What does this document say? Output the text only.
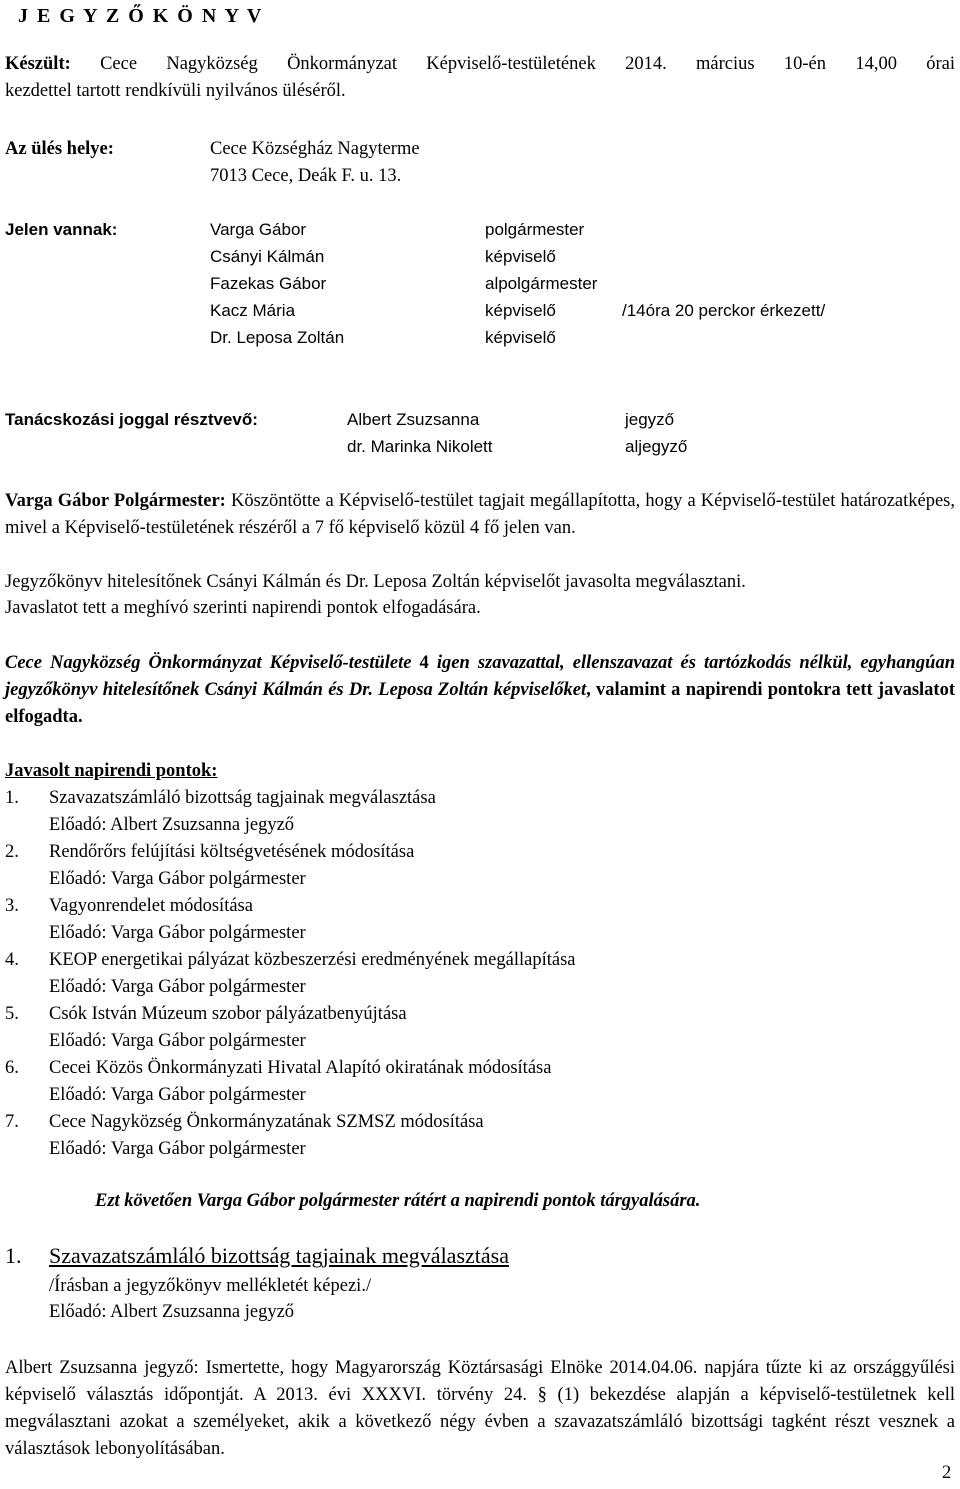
J E G Y Z Ő K Ö N Y V
Készült: Cece Nagyközség Önkormányzat Képviselő-testületének 2014. március 10-én 14,00 órai
kezdettel tartott rendkívüli nyilvános üléséről.
Az ülés helye:	Cece Községház Nagyterme
7013 Cece, Deák F. u. 13.
Jelen vannak:	Varga Gábor	polgármester
Csányi Kálmán	képviselő
Fazekas Gábor	alpolgármester
Kacz Mária	képviselő	/14óra 20 perckor érkezett/
Dr. Leposa Zoltán	képviselő
Tanácskozási joggal résztvevő:	Albert Zsuzsanna	jegyző
dr. Marinka Nikolett	aljegyző
Varga Gábor Polgármester: Köszöntötte a Képviselő-testület tagjait megállapította, hogy a Képviselő-testület határozatképes, mivel a Képviselő-testületének részéről a 7 fő képviselő közül 4 fő jelen van.
Jegyzőkönyv hitelesítőnek Csányi Kálmán és Dr. Leposa Zoltán képviselőt javasolta megválasztani.
Javaslatot tett a meghívó szerinti napirendi pontok elfogadására.
Cece Nagyközség Önkormányzat Képviselő-testülete 4 igen szavazattal, ellenszavazat és tartózkodás nélkül, egyhangúan jegyzőkönyv hitelesítőnek Csányi Kálmán és Dr. Leposa Zoltán képviselőket, valamint a napirendi pontokra tett javaslatot elfogadta.
Javasolt napirendi pontok:
1. Szavazatszámláló bizottság tagjainak megválasztása
Előadó: Albert Zsuzsanna jegyző
2. Rendőrőrs felújítási költségvetésének módosítása
Előadó: Varga Gábor polgármester
3. Vagyonrendelet módosítása
Előadó: Varga Gábor polgármester
4. KEOP energetikai pályázat közbeszerzési eredményének megállapítása
Előadó: Varga Gábor polgármester
5. Csók István Múzeum szobor pályázatbenyújtása
Előadó: Varga Gábor polgármester
6. Cecei Közös Önkormányzati Hivatal Alapító okiratának módosítása
Előadó: Varga Gábor polgármester
7. Cece Nagyközség Önkormányzatának SZMSZ módosítása
Előadó: Varga Gábor polgármester
Ezt követően Varga Gábor polgármester rátért a napirendi pontok tárgyalására.
1. Szavazatszámláló bizottság tagjainak megválasztása
/Írásban a jegyzőkönyv mellékletét képezi./
Előadó: Albert Zsuzsanna jegyző
Albert Zsuzsanna jegyző: Ismertette, hogy Magyarország Köztársasági Elnöke 2014.04.06. napjára tűzte ki az országgyűlési képviselő választás időpontját. A 2013. évi XXXVI. törvény 24. § (1) bekezdése alapján a képviselő-testületnek kell megválasztani azokat a személyeket, akik a következő négy évben a szavazatszámláló bizottsági tagként részt vesznek a választások lebonyolításában.
2
